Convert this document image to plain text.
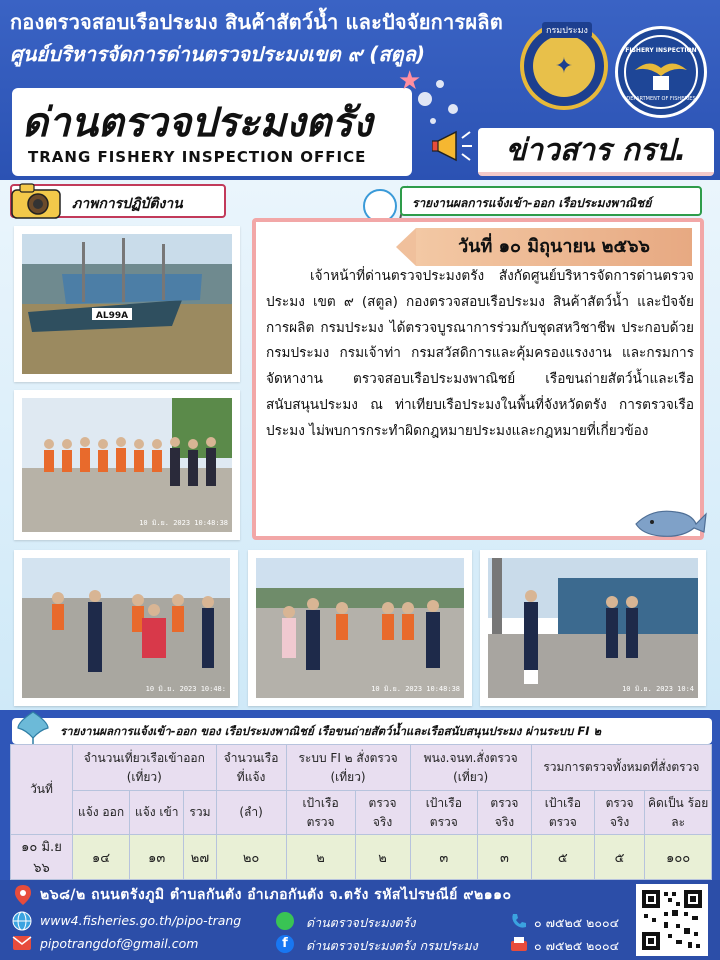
กองตรวจสอบเรือประมง สินค้าสัตว์น้ำ และปัจจัยการผลิต
ศูนย์บริหารจัดการด่านตรวจประมงเขต ๙ (สตูล)
กรมประมง
✦
FISHERY INSPECTION
DEPARTMENT OF FISHERIES
ด่านตรวจประมงตรัง
TRANG FISHERY INSPECTION OFFICE
★
ข่าวสาร กรป.
ภาพการปฏิบัติงาน	รายงานผลการแจ้งเข้า-ออก เรือประมงพาณิชย์
AL99A
10 มิ.ย. 2023 10:48:38
10 มิ.ย. 2023 10:48:	10 มิ.ย. 2023 10:48:38	10 มิ.ย. 2023 10:4
วันที่ ๑๐ มิถุนายน ๒๕๖๖
เจ้าหน้าที่ด่านตรวจประมงตรัง สังกัดศูนย์บริหารจัดการด่านตรวจประมง เขต ๙ (สตูล) กองตรวจสอบเรือประมง สินค้าสัตว์น้ำ และปัจจัยการผลิต กรมประมง ได้ตรวจบูรณาการร่วมกับชุดสหวิชาชีพ ประกอบด้วย กรมประมง กรมเจ้าท่า กรมสวัสดิการและคุ้มครองแรงงาน และกรมการจัดหางาน ตรวจสอบเรือประมงพาณิชย์ เรือขนถ่ายสัตว์น้ำและเรือสนับสนุนประมง ณ ท่าเทียบเรือประมงในพื้นที่จังหวัดตรัง การตรวจเรือประมง ไม่พบการกระทำผิดกฎหมายประมงและกฎหมายที่เกี่ยวข้อง
รายงานผลการแจ้งเข้า-ออก ของ เรือประมงพาณิชย์ เรือขนถ่ายสัตว์น้ำและเรือสนับสนุนประมง ผ่านระบบ FI ๒
วันที่	จำนวนเที่ยวเรือเข้าออก (เที่ยว)			จำนวนเรือ ที่แจ้ง	ระบบ FI ๒ สั่งตรวจ (เที่ยว)		พนง.จนท.สั่งตรวจ (เที่ยว)		รวมการตรวจทั้งหมดที่สั่งตรวจ		
	แจ้ง ออก	แจ้ง เข้า	รวม	(ลำ)	เป้าเรือ ตรวจ	ตรวจ จริง	เป้าเรือ ตรวจ	ตรวจ จริง	เป้าเรือ ตรวจ	ตรวจ จริง	คิดเป็น ร้อยละ
๑๐ มิ.ย ๖๖	๑๔	๑๓	๒๗	๒๐	๒	๒	๓	๓	๕	๕	๑๐๐
๒๖๘/๒ ถนนตรังภูมิ ตำบลกันตัง อำเภอกันตัง จ.ตรัง รหัสไปรษณีย์ ๙๒๑๑๐
www4.fisheries.go.th/pipo-trang
pipotrangdof@gmail.com
ด่านตรวจประมงตรัง
f	ด่านตรวจประมงตรัง กรมประมง
๐ ๗๕๒๕ ๒๐๐๔
๐ ๗๕๒๕ ๒๐๐๔
